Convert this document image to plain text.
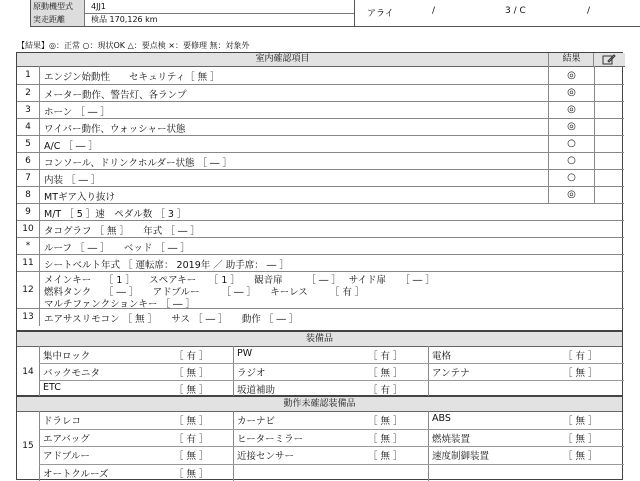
原動機型式	4JJ1
実走距離	検品 170,126 km
アライ	/	3 / C	/
【結果】◎：正常 ○：現状OK △：要点検 ×：要修理 無：対象外
室内確認項目	結果
1	エンジン始動性　　セキュリティ［ 無 ］	◎
2	メーター動作、警告灯、各ランプ	◎
3	ホーン ［ ― ］	◎
4	ワイパー動作、ウォッシャー状態	◎
5	A/C ［ ― ］	○
6	コンソール、ドリンクホルダー状態 ［ ― ］	○
7	内装 ［ ― ］	○
8	MTギア入り抜け	◎
9	M/T ［ 5 ］速　ペダル数 ［ 3 ］
10	タコグラフ ［ 無 ］　　年式 ［ ― ］
*	ルーフ ［ ― ］　　ベッド ［ ― ］
11	シートベルト年式 ［ 運転席： 2019年 ／ 助手席： ― ］
12
メインキー　 ［ 1 ］　　スペアキー　 ［ 1 ］　　観音扉　　　［ ― ］　 サイド扉　　［ ― ］
燃料タンク　 ［ ― ］　　アドブルー　　 ［ ― ］　　キーレス　　 ［ 有 ］
マルチファンクションキー ［ ― ］
13	エアサスリモコン ［ 無 ］　　サス ［ ― ］　　動作 ［ ― ］
装備品
14
集中ロック	［ 有 ］	PW	［ 有 ］	電格	［ 有 ］
バックモニタ	［ 無 ］	ラジオ	［ 無 ］	アンテナ	［ 無 ］
ETC	［ 無 ］	坂道補助	［ 有 ］
動作未確認装備品
15
ドラレコ	［ 無 ］	カーナビ	［ 無 ］	ABS	［ 無 ］
エアバッグ	［ 有 ］	ヒーターミラー	［ 無 ］	燃焼装置	［ 無 ］
アドブルー	［ 無 ］	近接センサー	［ 無 ］	速度制御装置	［ 無 ］
オートクルーズ	［ 無 ］
